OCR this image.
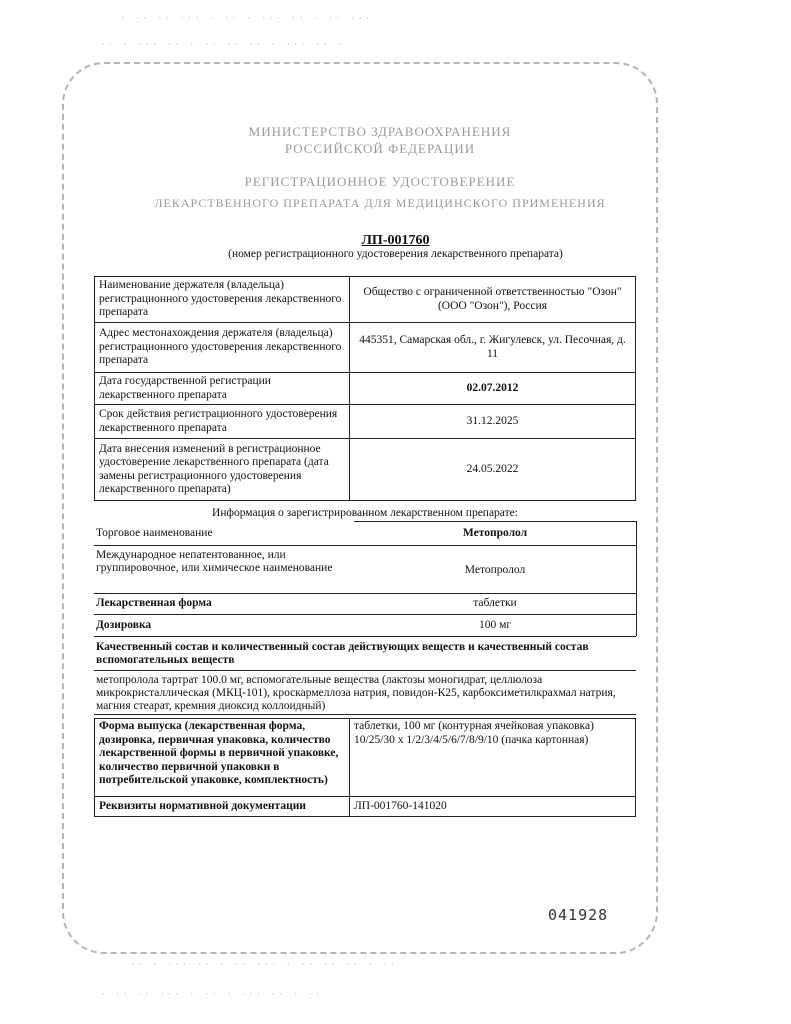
· ·· ·· ··· · ·· · ··· ·· · ·· ···
·· · ··· ·· · ·· ·· ·· · ··· ·· ·
·· · ··· ·· · ·· ··· · ·· ·· ·· · ··
· ·· ·· ··· · ·· · ··· ·· · ··
МИНИСТЕРСТВО ЗДРАВООХРАНЕНИЯ
РОССИЙСКОЙ ФЕДЕРАЦИИ
РЕГИСТРАЦИОННОЕ УДОСТОВЕРЕНИЕ
ЛЕКАРСТВЕННОГО ПРЕПАРАТА ДЛЯ МЕДИЦИНСКОГО ПРИМЕНЕНИЯ
ЛП-001760
(номер регистрационного удостоверения лекарственного препарата)
Наименование держателя (владельца) регистрационного удостоверения лекарственного препарата	Общество с ограниченной ответственностью "Озон" (ООО "Озон"), Россия
Адрес местонахождения держателя (владельца) регистрационного удостоверения лекарственного препарата	445351, Самарская обл., г. Жигулевск, ул. Песочная, д. 11
Дата государственной регистрации лекарственного препарата	02.07.2012
Срок действия регистрационного удостоверения лекарственного препарата	31.12.2025
Дата внесения изменений в регистрационное удостоверение лекарственного препарата (дата замены регистрационного удостоверения лекарственного препарата)	24.05.2022
Информация о зарегистрированном лекарственном препарате:
Торговое наименование	Метопролол
Международное непатентованное, или группировочное, или химическое наименование	Метопролол
Лекарственная форма	таблетки
Дозировка	100 мг
Качественный состав и количественный состав действующих веществ и качественный состав вспомогательных веществ
метопролола тартрат 100.0 мг, вспомогательные вещества (лактозы моногидрат, целлюлоза микрокристаллическая (МКЦ-101), кроскармеллоза натрия, повидон-К25, карбоксиметилкрахмал натрия, магния стеарат, кремния диоксид коллоидный)
Форма выпуска (лекарственная форма, дозировка, первичная упаковка, количество лекарственной формы в первичной упаковке, количество первичной упаковки в потребительской упаковке, комплектность)	таблетки, 100 мг (контурная ячейковая упаковка) 10/25/30 х 1/2/3/4/5/6/7/8/9/10 (пачка картонная)
Реквизиты нормативной документации	ЛП-001760-141020
041928
